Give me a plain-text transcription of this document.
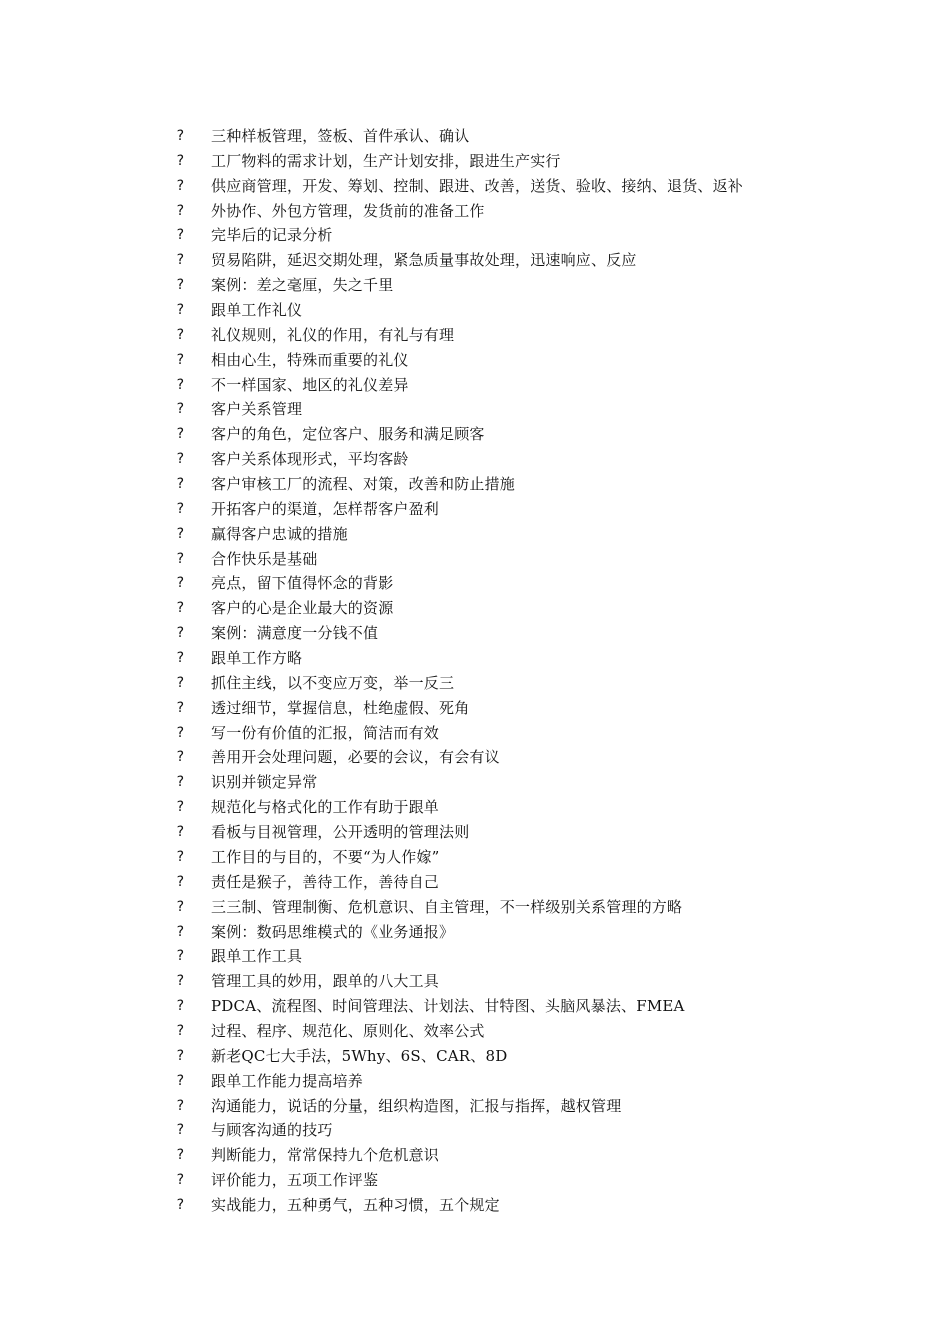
?	三种样板管理，签板、首件承认、确认
?	工厂物料的需求计划，生产计划安排，跟进生产实行
?	供应商管理，开发、筹划、控制、跟进、改善，送货、验收、接纳、退货、返补
?	外协作、外包方管理，发货前的准备工作
?	完毕后的记录分析
?	贸易陷阱，延迟交期处理，紧急质量事故处理，迅速响应、反应
?	案例：差之毫厘，失之千里
?	跟单工作礼仪
?	礼仪规则，礼仪的作用，有礼与有理
?	相由心生，特殊而重要的礼仪
?	不一样国家、地区的礼仪差异
?	客户关系管理
?	客户的角色，定位客户、服务和满足顾客
?	客户关系体现形式，平均客龄
?	客户审核工厂的流程、对策，改善和防止措施
?	开拓客户的渠道，怎样帮客户盈利
?	赢得客户忠诚的措施
?	合作快乐是基础
?	亮点，留下值得怀念的背影
?	客户的心是企业最大的资源
?	案例：满意度一分钱不值
?	跟单工作方略
?	抓住主线，以不变应万变，举一反三
?	透过细节，掌握信息，杜绝虚假、死角
?	写一份有价值的汇报，简洁而有效
?	善用开会处理问题，必要的会议，有会有议
?	识别并锁定异常
?	规范化与格式化的工作有助于跟单
?	看板与目视管理，公开透明的管理法则
?	工作目的与目的，不要“为人作嫁”
?	责任是猴子，善待工作，善待自己
?	三三制、管理制衡、危机意识、自主管理，不一样级别关系管理的方略
?	案例：数码思维模式的《业务通报》
?	跟单工作工具
?	管理工具的妙用，跟单的八大工具
?	PDCA、流程图、时间管理法、计划法、甘特图、头脑风暴法、FMEA
?	过程、程序、规范化、原则化、效率公式
?	新老QC七大手法，5Why、6S、CAR、8D
?	跟单工作能力提高培养
?	沟通能力，说话的分量，组织构造图，汇报与指挥，越权管理
?	与顾客沟通的技巧
?	判断能力，常常保持九个危机意识
?	评价能力，五项工作评鉴
?	实战能力，五种勇气，五种习惯，五个规定
